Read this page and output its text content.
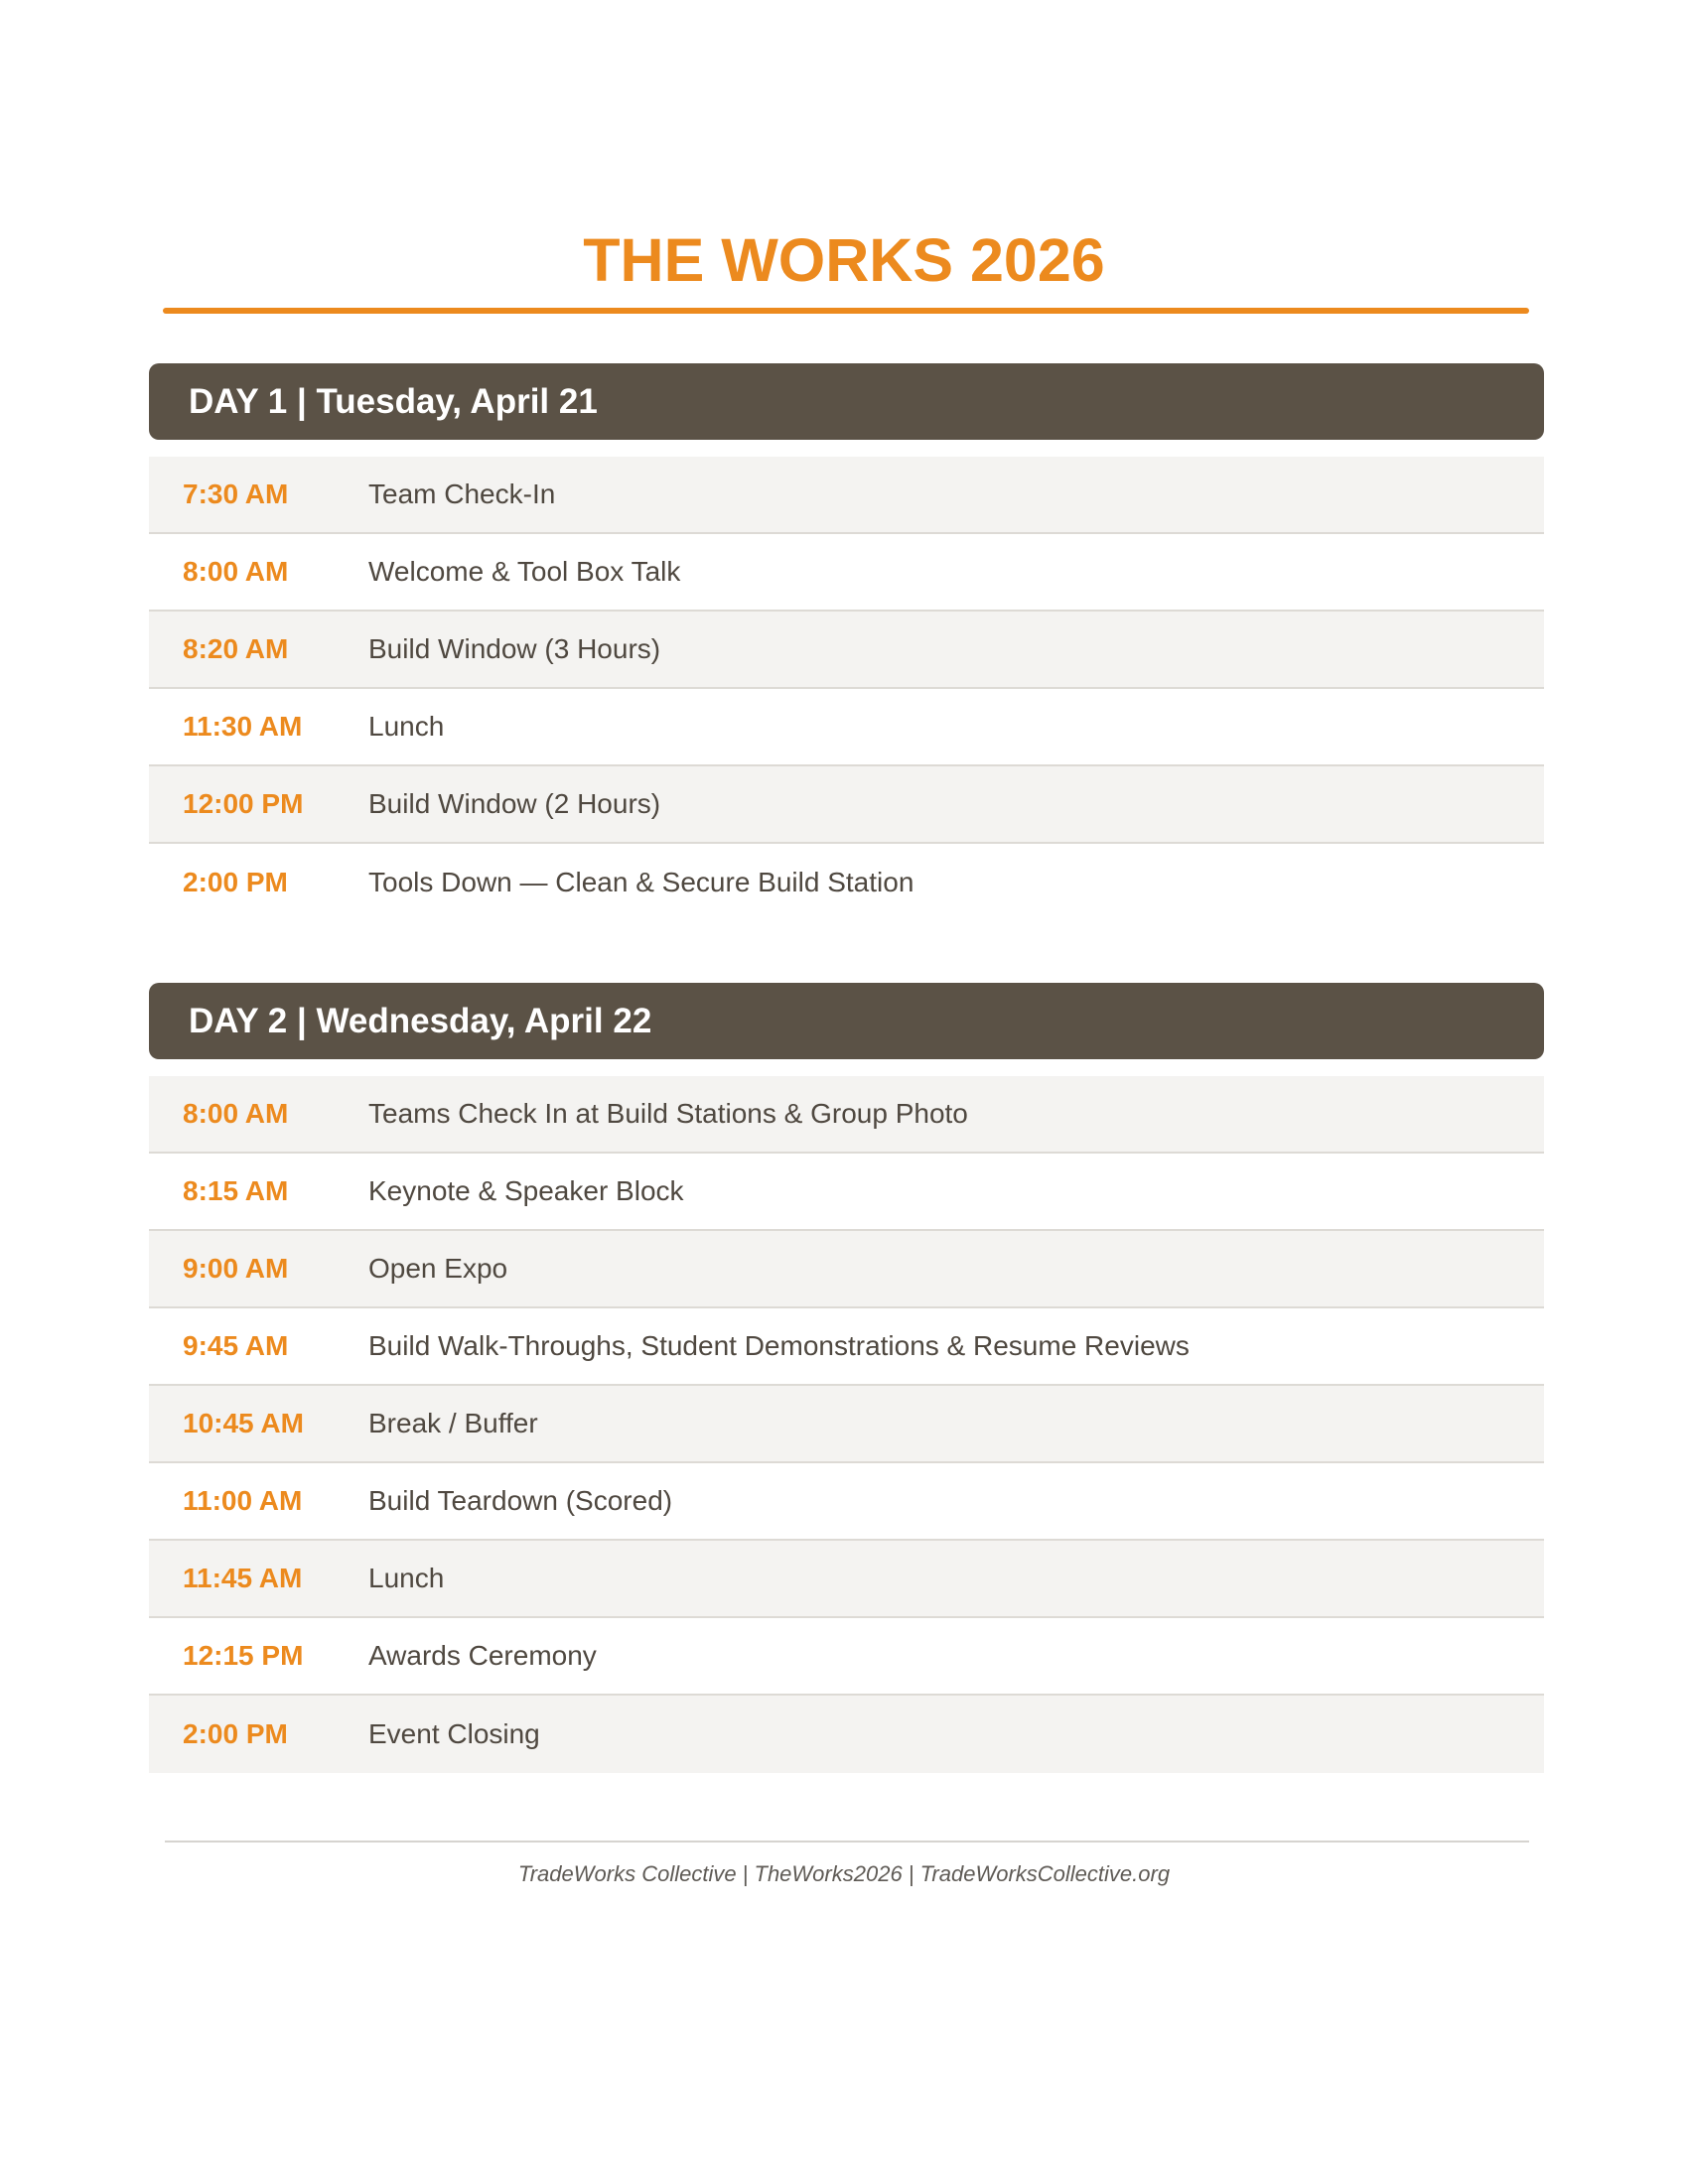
THE WORKS 2026
DAY 1 | Tuesday, April 21
7:30 AM	Team Check-In
8:00 AM	Welcome & Tool Box Talk
8:20 AM	Build Window (3 Hours)
11:30 AM	Lunch
12:00 PM	Build Window (2 Hours)
2:00 PM	Tools Down — Clean & Secure Build Station
DAY 2 | Wednesday, April 22
8:00 AM	Teams Check In at Build Stations & Group Photo
8:15 AM	Keynote & Speaker Block
9:00 AM	Open Expo
9:45 AM	Build Walk-Throughs, Student Demonstrations & Resume Reviews
10:45 AM	Break / Buffer
11:00 AM	Build Teardown (Scored)
11:45 AM	Lunch
12:15 PM	Awards Ceremony
2:00 PM	Event Closing
TradeWorks Collective | TheWorks2026 | TradeWorksCollective.org
